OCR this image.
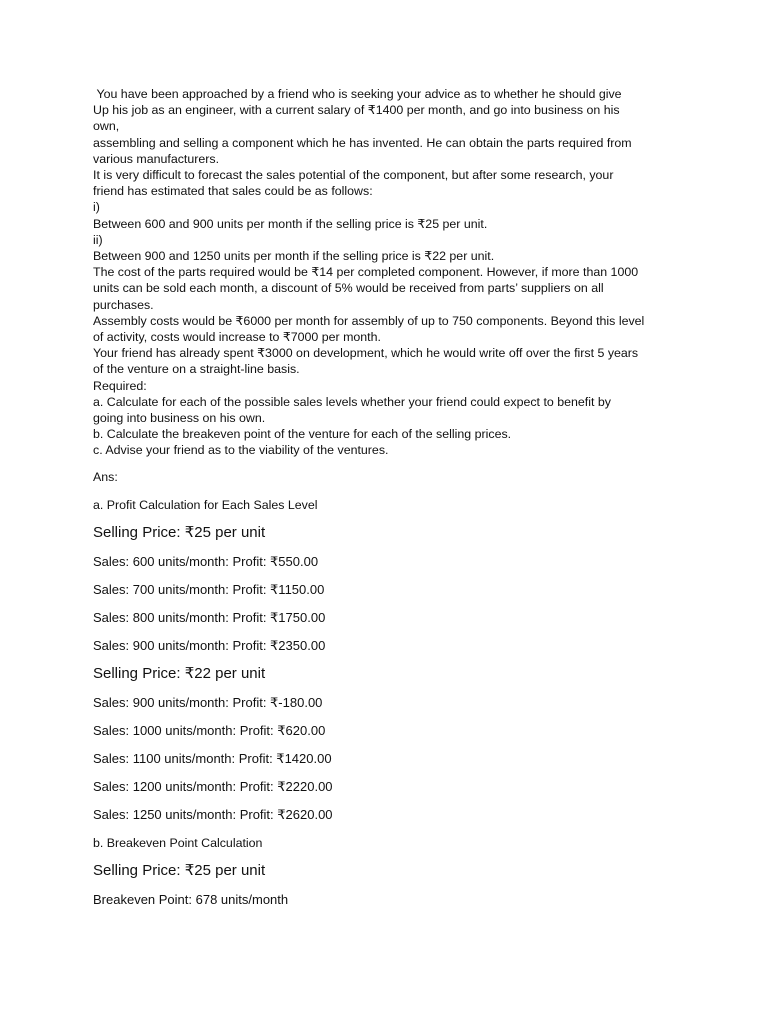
You have been approached by a friend who is seeking your advice as to whether he should give

Up his job as an engineer, with a current salary of ₹1400 per month, and go into business on his

own,

assembling and selling a component which he has invented. He can obtain the parts required from

various manufacturers.

It is very difficult to forecast the sales potential of the component, but after some research, your

friend has estimated that sales could be as follows:

i)

Between 600 and 900 units per month if the selling price is ₹25 per unit.

ii)

Between 900 and 1250 units per month if the selling price is ₹22 per unit.

The cost of the parts required would be ₹14 per completed component. However, if more than 1000

units can be sold each month, a discount of 5% would be received from parts’ suppliers on all

purchases.

Assembly costs would be ₹6000 per month for assembly of up to 750 components. Beyond this level

of activity, costs would increase to ₹7000 per month.

Your friend has already spent ₹3000 on development, which he would write off over the first 5 years

of the venture on a straight-line basis.

Required:

a. Calculate for each of the possible sales levels whether your friend could expect to benefit by

going into business on his own.

b. Calculate the breakeven point of the venture for each of the selling prices.

c. Advise your friend as to the viability of the ventures.

Ans:
a. Profit Calculation for Each Sales Level
Selling Price: ₹25 per unit
Sales: 600 units/month: Profit: ₹550.00
Sales: 700 units/month: Profit: ₹1150.00
Sales: 800 units/month: Profit: ₹1750.00
Sales: 900 units/month: Profit: ₹2350.00
Selling Price: ₹22 per unit
Sales: 900 units/month: Profit: ₹-180.00
Sales: 1000 units/month: Profit: ₹620.00
Sales: 1100 units/month: Profit: ₹1420.00
Sales: 1200 units/month: Profit: ₹2220.00
Sales: 1250 units/month: Profit: ₹2620.00
b. Breakeven Point Calculation
Selling Price: ₹25 per unit
Breakeven Point: 678 units/month
